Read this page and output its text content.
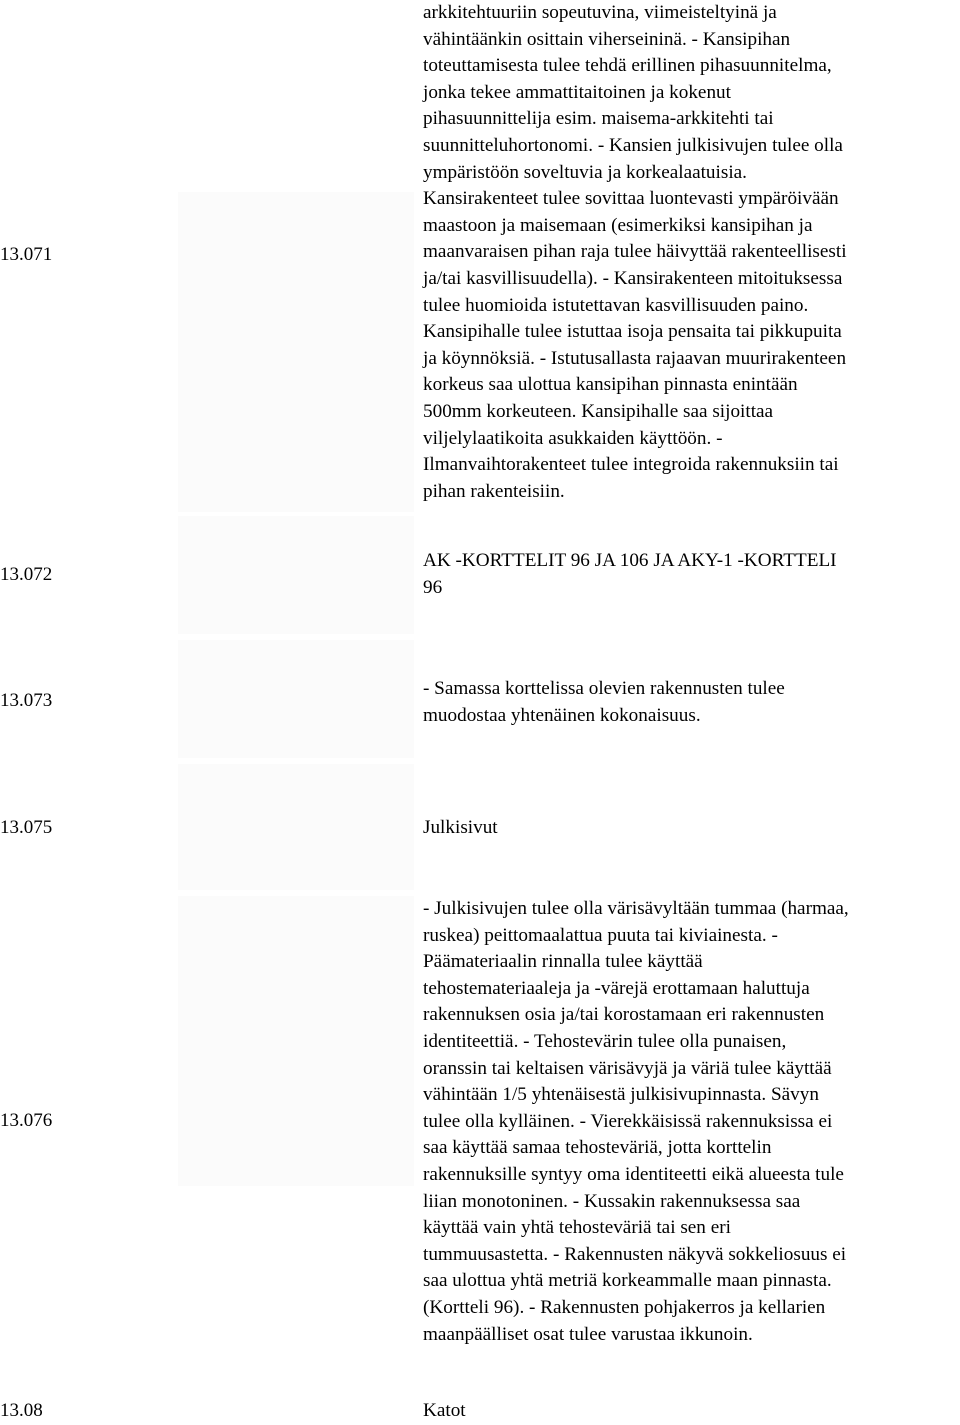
13.071
arkkitehtuuriin sopeutuvina, viimeisteltyinä ja
vähintäänkin osittain viherseininä. - Kansipihan
toteuttamisesta tulee tehdä erillinen pihasuunnitelma,
jonka tekee ammattitaitoinen ja kokenut
pihasuunnittelija esim. maisema-arkkitehti tai
suunnitteluhortonomi. - Kansien julkisivujen tulee olla
ympäristöön soveltuvia ja korkealaatuisia.
Kansirakenteet tulee sovittaa luontevasti ympäröivään
maastoon ja maisemaan (esimerkiksi kansipihan ja
maanvaraisen pihan raja tulee häivyttää rakenteellisesti
ja/tai kasvillisuudella). - Kansirakenteen mitoituksessa
tulee huomioida istutettavan kasvillisuuden paino.
Kansipihalle tulee istuttaa isoja pensaita tai pikkupuita
ja köynnöksiä. - Istutusallasta rajaavan muurirakenteen
korkeus saa ulottua kansipihan pinnasta enintään
500mm korkeuteen. Kansipihalle saa sijoittaa
viljelylaatikoita asukkaiden käyttöön. -
Ilmanvaihtorakenteet tulee integroida rakennuksiin tai
pihan rakenteisiin.
13.072
AK -KORTTELIT 96 JA 106 JA AKY-1 -KORTTELI
96
13.073
- Samassa korttelissa olevien rakennusten tulee
muodostaa yhtenäinen kokonaisuus.
13.075	Julkisivut
13.076
- Julkisivujen tulee olla värisävyltään tummaa (harmaa,
ruskea) peittomaalattua puuta tai kiviainesta. -
Päämateriaalin rinnalla tulee käyttää
tehostemateriaaleja ja -värejä erottamaan haluttuja
rakennuksen osia ja/tai korostamaan eri rakennusten
identiteettiä. - Tehostevärin tulee olla punaisen,
oranssin tai keltaisen värisävyjä ja väriä tulee käyttää
vähintään 1/5 yhtenäisestä julkisivupinnasta. Sävyn
tulee olla kylläinen. - Vierekkäisissä rakennuksissa ei
saa käyttää samaa tehosteväriä, jotta korttelin
rakennuksille syntyy oma identiteetti eikä alueesta tule
liian monotoninen. - Kussakin rakennuksessa saa
käyttää vain yhtä tehosteväriä tai sen eri
tummuusastetta. - Rakennusten näkyvä sokkeliosuus ei
saa ulottua yhtä metriä korkeammalle maan pinnasta.
(Kortteli 96). - Rakennusten pohjakerros ja kellarien
maanpäälliset osat tulee varustaa ikkunoin.
13.08	Katot
